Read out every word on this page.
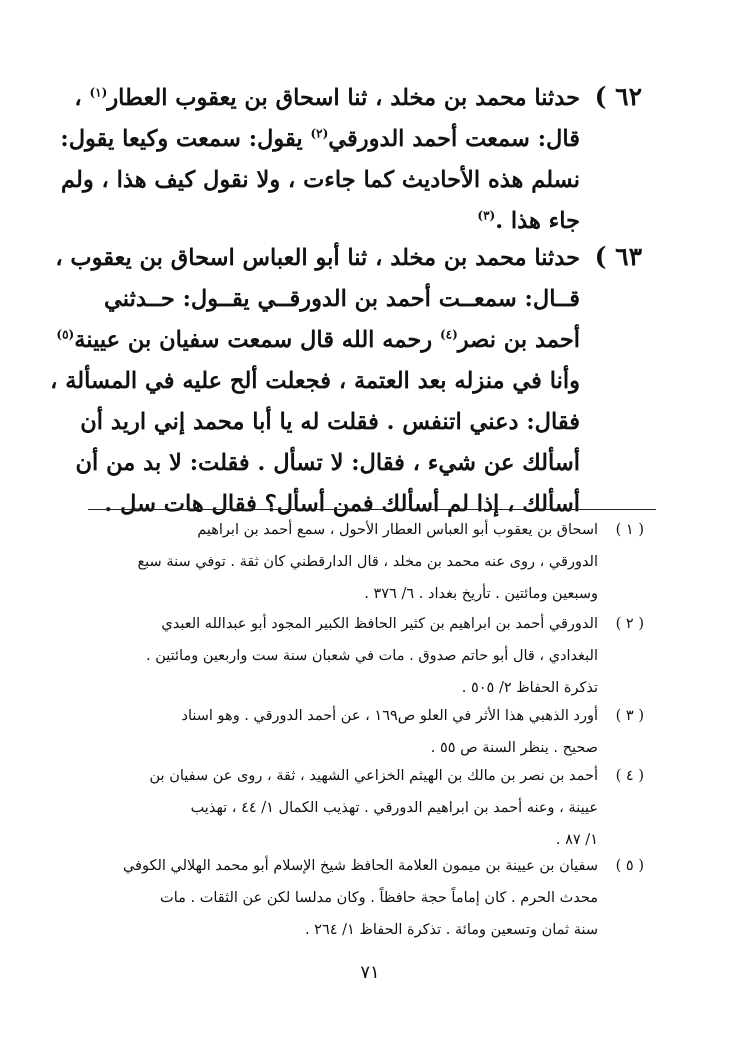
٦٢ )
حدثنا محمد بن مخلد ، ثنا اسحاق بن يعقوب العطار$^{(١)}$ ،
قال: سمعت أحمد الدورقي$^{(٢)}$ يقول: سمعت وكيعا يقول:
نسلم هذه الأحاديث كما جاءت ، ولا نقول كيف هذا ، ولم
جاء هذا .$^{(٣)}$
٦٣ )
حدثنا محمد بن مخلد ، ثنا أبو العباس اسحاق بن يعقوب ،
قــال: سمعــت أحمد بن الدورقــي يقــول: حــدثني
أحمد بن نصر$^{(٤)}$ رحمه الله قال سمعت سفيان بن عيينة$^{(٥)}$
وأنا في منزله بعد العتمة ، فجعلت ألح عليه في المسألة ،
فقال: دعني اتنفس . فقلت له يا أبا محمد إني اريد أن
أسألك عن شيء ، فقال: لا تسأل . فقلت: لا بد من أن
أسألك ، إذا لم أسألك فمن أسأل؟ فقال هات سل .
( ١ )
اسحاق بن يعقوب أبو العباس العطار الأحول ، سمع أحمد بن ابراهيم
الدورقي ، روى عنه محمد بن مخلد ، قال الدارقطني كان ثقة . توفي سنة سبع
وسبعين ومائتين . تأريخ بغداد . ٦/ ٣٧٦ .
( ٢ )
الدورقي أحمد بن ابراهيم بن كثير الحافظ الكبير المجود أبو عبدالله العبدي
البغدادي ، قال أبو حاتم صدوق . مات في شعبان سنة ست واربعين ومائتين .
تذكرة الحفاظ ٢/ ٥٠٥ .
( ٣ )
أورد الذهبي هذا الأثر في العلو ص١٦٩ ، عن أحمد الدورقي . وهو اسناد
صحيح . ينظر السنة ص ٥٥ .
( ٤ )
أحمد بن نصر بن مالك بن الهيثم الخزاعي الشهيد ، ثقة ، روى عن سفيان بن
عيينة ، وعنه أحمد بن ابراهيم الدورقي . تهذيب الكمال ١/ ٤٤ ، تهذيب
١/ ٨٧ .
( ٥ )
سفيان بن عيينة بن ميمون العلامة الحافظ شيخ الإسلام أبو محمد الهلالي الكوفي
محدث الحرم . كان إماماً حجة حافظاً . وكان مدلسا لكن عن الثقات . مات
سنة ثمان وتسعين ومائة . تذكرة الحفاظ ١/ ٢٦٤ .
٧١
